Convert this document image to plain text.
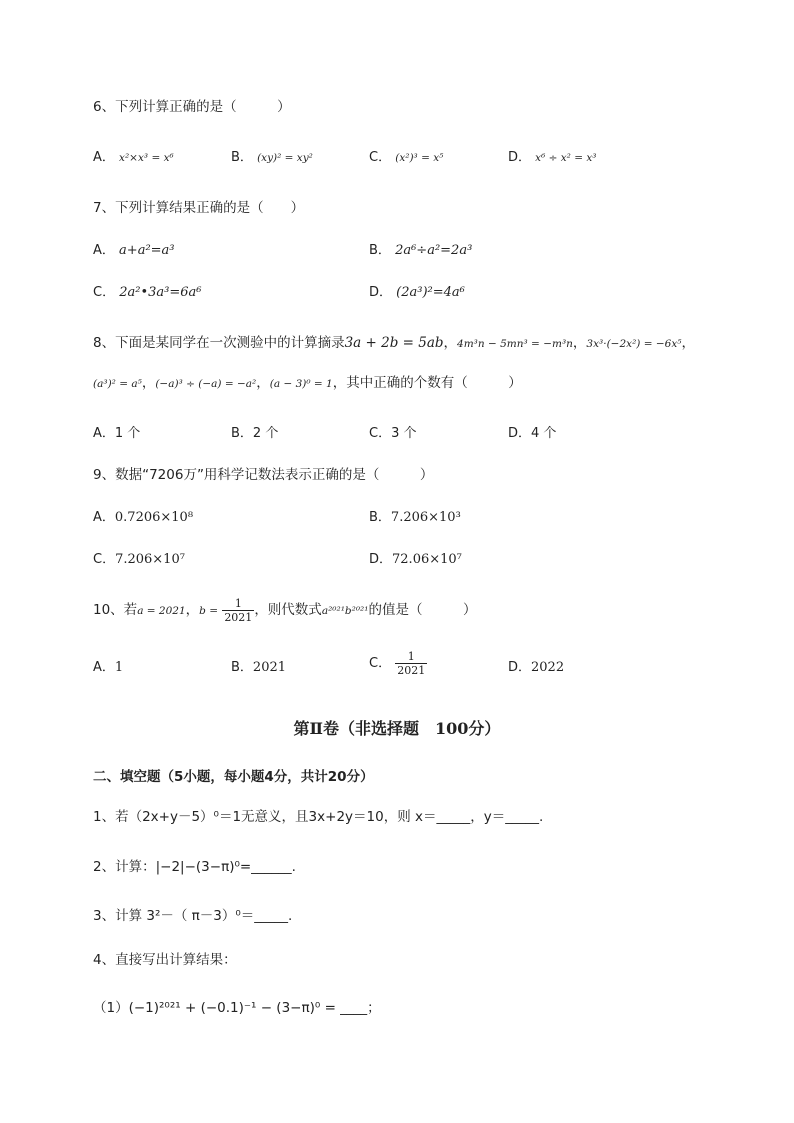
6、下列计算正确的是（　　　）
A． x²×x³ = x⁶	B． (xy)² = xy²	C． (x²)³ = x⁵	D． x⁶ ÷ x² = x³
7、下列计算结果正确的是（　　）
A． a+a²=a³	B． 2a⁶÷a²=2a³
C． 2a²•3a³=6a⁶	D． (2a³)²=4a⁶
8、下面是某同学在一次测验中的计算摘录3a + 2b = 5ab，4m³n − 5mn³ = −m³n，3x³·(−2x²) = −6x⁵，
(a³)² = a⁵，(−a)³ ÷ (−a) = −a²，(a − 3)⁰ = 1，其中正确的个数有（　　　）
A．1 个	B．2 个	C．3 个	D．4 个
9、数据“7206万”用科学记数法表示正确的是（　　　）
A．0.7206×10⁸	B．7.206×10³
C．7.206×10⁷	D．72.06×10⁷
10、若a = 2021，$b = \frac{1}{2021}$ ，则代数式a²⁰²¹b²⁰²¹的值是（　　　）
A．1	B．2021	C． $\frac{1}{2021}$	D．2022
第Ⅱ卷（非选择题　100分）
二、填空题（5小题，每小题4分，共计20分）
1、若（2x+y－5）⁰＝1无意义，且3x+2y＝10，则 x＝_____，y＝_____.
2、计算：|−2|−(3−π)⁰=______.
3、计算 3²－（ π－3）⁰＝_____.
4、直接写出计算结果：
（1）(−1)²⁰²¹ + (−0.1)⁻¹ − (3−π)⁰ = ____；
